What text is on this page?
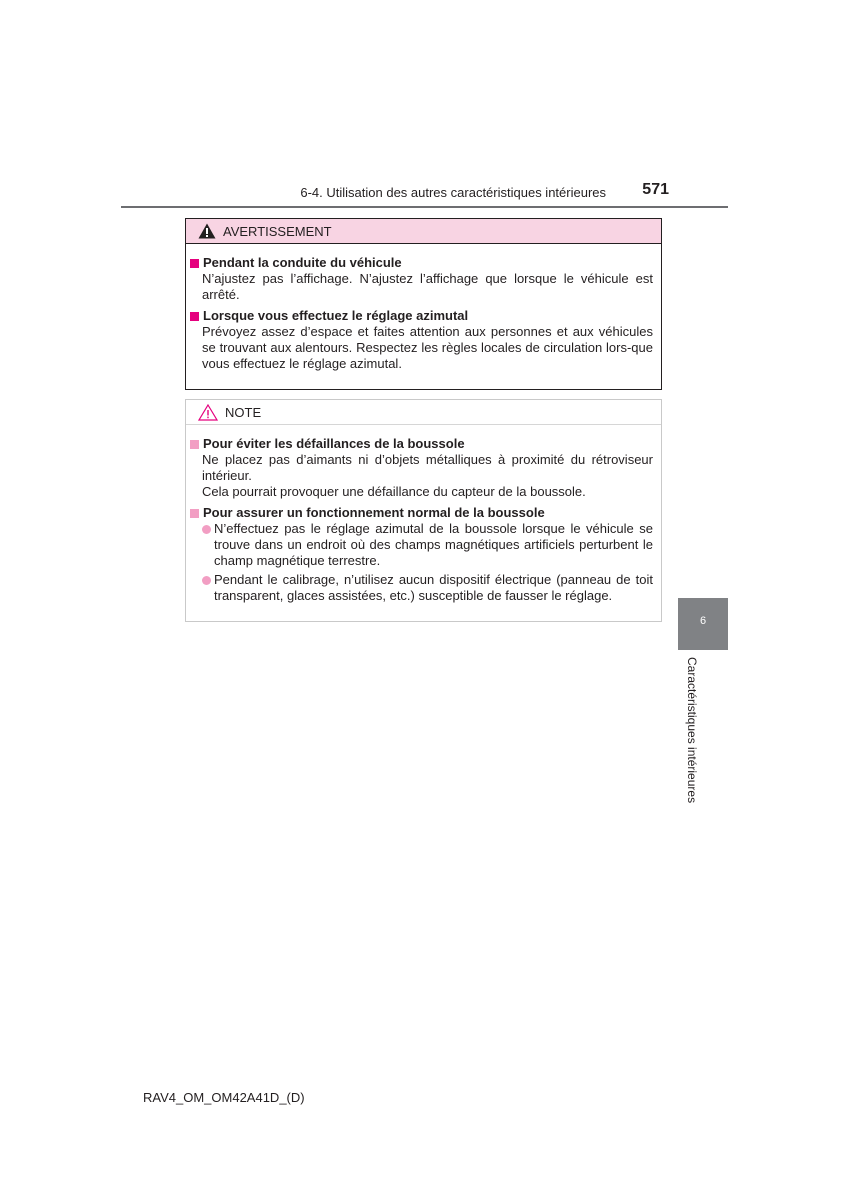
6-4. Utilisation des autres caractéristiques intérieures	571
AVERTISSEMENT
Pendant la conduite du véhicule
N’ajustez pas l’affichage. N’ajustez l’affichage que lorsque le véhicule est arrêté.
Lorsque vous effectuez le réglage azimutal
Prévoyez assez d’espace et faites attention aux personnes et aux véhicules se trouvant aux alentours. Respectez les règles locales de circulation lors-que vous effectuez le réglage azimutal.
NOTE
Pour éviter les défaillances de la boussole
Ne placez pas d’aimants ni d’objets métalliques à proximité du rétroviseur intérieur.
Cela pourrait provoquer une défaillance du capteur de la boussole.
Pour assurer un fonctionnement normal de la boussole
N’effectuez pas le réglage azimutal de la boussole lorsque le véhicule se trouve dans un endroit où des champs magnétiques artificiels perturbent le champ magnétique terrestre.
Pendant le calibrage, n’utilisez aucun dispositif électrique (panneau de toit transparent, glaces assistées, etc.) susceptible de fausser le réglage.
6
Caractéristiques intérieures
RAV4_OM_OM42A41D_(D)
